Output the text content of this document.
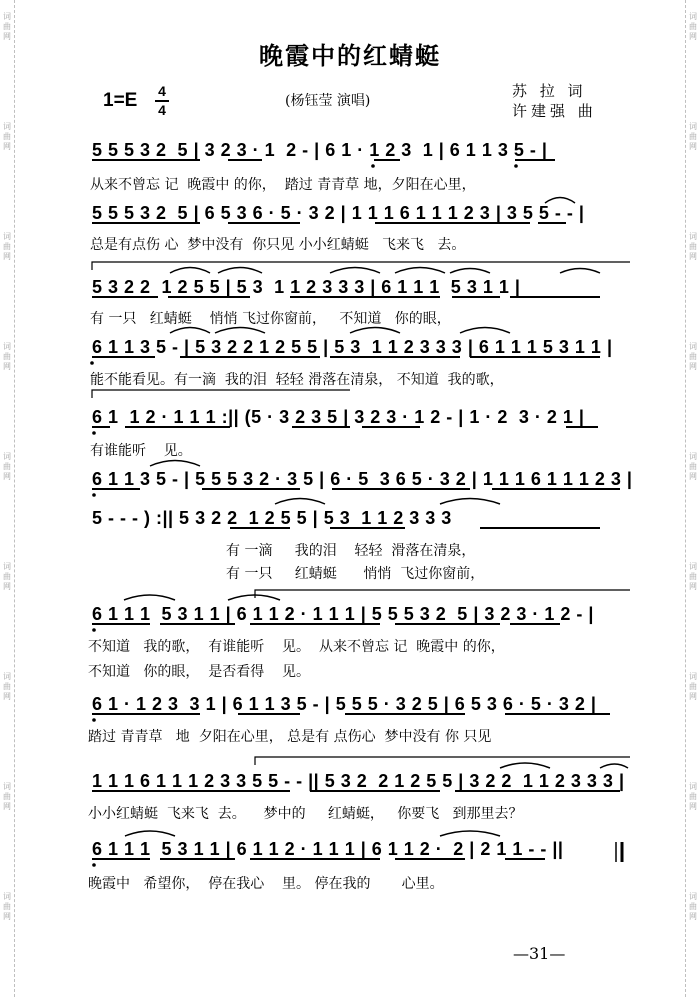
词
曲
网
词
曲
网
词
曲
网
词
曲
网
词
曲
网
词
曲
网
词
曲
网
词
曲
网
词
曲
网
词
曲
网
词
曲
网
词
曲
网
词
曲
网
词
曲
网
词
曲
网
词
曲
网
词
曲
网
词
曲
网
晚霞中的红蜻蜓
1=E 4
4
(杨钰莹 演唱)
苏 拉 词
许建强 曲
5 5 5 3 2  5 | 3 2 3 · 1  2 - | 6 1 · 1 2 3  1 | 6 1 1 3 5 - |
从来不曾忘 记  晚霞中 的你，  踏过 青青草 地，夕阳在心里，
5 5 5 3 2  5 | 6 5 3 6 · 5 · 3 2 | 1 1 1 6 1 1 1 2 3 | 3 5 5 - - |
总是有点伤 心  梦中没有  你只见 小小红蜻蜓   飞来飞   去。
5 3 2 2  1 2 5 5 | 5 3  1 1 2 3 3 3 | 6 1 1 1  5 3 1 1 |
有 一只   红蜻蜓    悄悄 飞过你窗前，   不知道   你的眼，
6 1 1 3 5 - | 5 3 2 2 1 2 5 5 | 5 3  1 1 2 3 3 3 | 6 1 1 1 5 3 1 1 |
能不能看见。有一滴  我的泪  轻轻 滑落在清泉， 不知道  我的歌，
6 1  1 2 · 1 1 1 :|| (5 · 3 2 3 5 | 3 2 3 · 1 2 - | 1 · 2  3 · 2 1 |
有谁能听    见。
6 1 1 3 5 - | 5 5 5 3 2 · 3 5 | 6 · 5  3 6 5 · 3 2 | 1 1 1 6 1 1 1 2 3 |
5 - - - ) :|| 5 3 2 2  1 2 5 5 | 5 3  1 1 2 3 3 3
有 一滴     我的泪    轻轻  滑落在清泉，
有 一只     红蜻蜓      悄悄  飞过你窗前，
6 1 1 1  5 3 1 1 | 6 1 1 2 · 1 1 1 | 5 5 5 3 2  5 | 3 2 3 · 1 2 - |
不知道   我的歌，  有谁能听    见。  从来不曾忘 记  晚霞中 的你，
不知道   你的眼，  是否看得    见。
6 1 · 1 2 3  3 1 | 6 1 1 3 5 - | 5 5 5 · 3 2 5 | 6 5 3 6 · 5 · 3 2 |
踏过 青青草   地  夕阳在心里， 总是有 点伤心  梦中没有 你 只见
1 1 1 6 1 1 1 2 3 3 5 5 - - || 5 3 2  2 1 2 5 5 | 3 2 2  1 1 2 3 3 3 |
小小红蜻蜓  飞来飞  去。    梦中的     红蜻蜓，   你要飞   到那里去？
6 1 1 1  5 3 1 1 | 6 1 1 2 · 1 1 1 | 6 1 1 2 ·  2 | 2 1 1 - - ||
晚霞中   希望你，  停在我心    里。 停在我的       心里。
—31—
